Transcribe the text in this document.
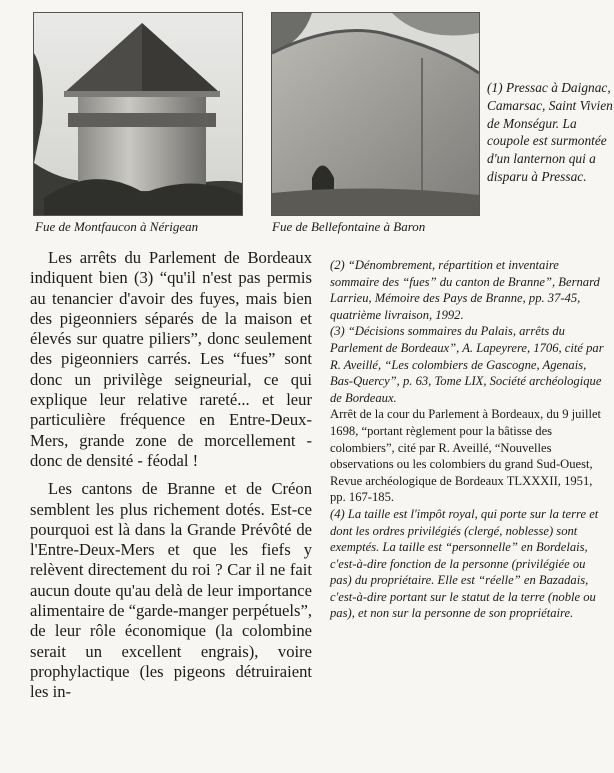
Fue de Montfaucon à Nérigean	Fue de Bellefontaine à Baron
(1) Pressac à Daignac, Camarsac, Saint Vivien de Monségur. La coupole est surmontée d'un lanternon qui a disparu à Pressac.

Les arrêts du Parlement de Bordeaux indiquent bien (3) “qu'il n'est pas permis au tenancier d'avoir des fuyes, mais bien des pigeonniers séparés de la maison et élevés sur quatre piliers”, donc seulement des pigeonniers carrés. Les “fues” sont donc un privilège seigneurial, ce qui explique leur relative rareté... et leur particulière fréquence en Entre-Deux-Mers, grande zone de morcellement - donc de densité - féodal !

Les cantons de Branne et de Créon semblent les plus richement dotés. Est-ce pourquoi est là dans la Grande Prévôté de l'Entre-Deux-Mers et que les fiefs y relèvent directement du roi ? Car il ne fait aucun doute qu'au delà de leur importance alimentaire de “garde-manger perpétuels”, de leur rôle économique (la colombine serait un excellent engrais), voire prophylactique (les pigeons détruiraient les in-

(2) “Dénombrement, répartition et inventaire sommaire des “fues” du canton de Branne”, Bernard Larrieu, Mémoire des Pays de Branne, pp. 37-45, quatrième livraison, 1992.

(3) “Décisions sommaires du Palais, arrêts du Parlement de Bordeaux”, A. Lapeyrere, 1706, cité par R. Aveillé, “Les colombiers de Gascogne, Agenais, Bas-Quercy”, p. 63, Tome LIX, Société archéologique de Bordeaux.

Arrêt de la cour du Parlement à Bordeaux, du 9 juillet 1698, “portant règlement pour la bâtisse des colombiers”, cité par R. Aveillé, “Nouvelles observations ou les colombiers du grand Sud-Ouest, Revue archéologique de Bordeaux TLXXXII, 1951, pp. 167-185.

(4) La taille est l'impôt royal, qui porte sur la terre et dont les ordres privilégiés (clergé, noblesse) sont exemptés. La taille est “personnelle” en Bordelais, c'est-à-dire fonction de la personne (privilégiée ou pas) du propriétaire. Elle est “réelle” en Bazadais, c'est-à-dire portant sur le statut de la terre (noble ou pas), et non sur la personne de son propriétaire.
